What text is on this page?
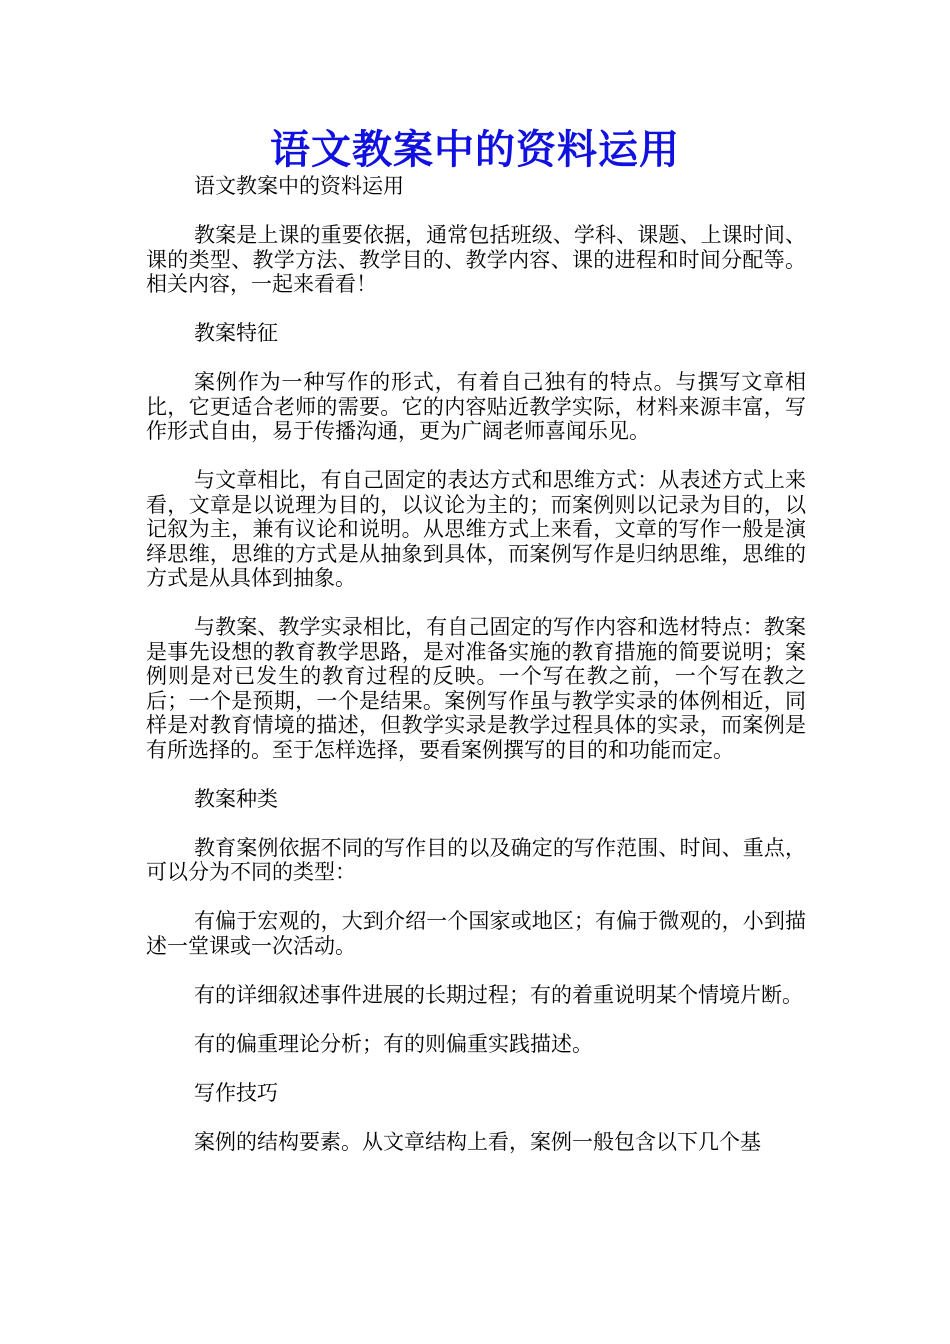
语文教案中的资料运用

语文教案中的资料运用

教案是上课的重要依据，通常包括班级、学科、课题、上课时间、课的类型、教学方法、教学目的、教学内容、课的进程和时间分配等。相关内容，一起来看看！

教案特征

案例作为一种写作的形式，有着自己独有的特点。与撰写文章相比，它更适合老师的需要。它的内容贴近教学实际，材料来源丰富，写作形式自由，易于传播沟通，更为广阔老师喜闻乐见。

与文章相比，有自己固定的表达方式和思维方式：从表述方式上来看，文章是以说理为目的，以议论为主的；而案例则以记录为目的，以记叙为主，兼有议论和说明。从思维方式上来看，文章的写作一般是演绎思维，思维的方式是从抽象到具体，而案例写作是归纳思维，思维的方式是从具体到抽象。

与教案、教学实录相比，有自己固定的写作内容和选材特点：教案是事先设想的教育教学思路，是对准备实施的教育措施的简要说明；案例则是对已发生的教育过程的反映。一个写在教之前，一个写在教之后；一个是预期，一个是结果。案例写作虽与教学实录的体例相近，同样是对教育情境的描述，但教学实录是教学过程具体的实录，而案例是有所选择的。至于怎样选择，要看案例撰写的目的和功能而定。

教案种类

教育案例依据不同的写作目的以及确定的写作范围、时间、重点，可以分为不同的类型：

有偏于宏观的，大到介绍一个国家或地区；有偏于微观的，小到描述一堂课或一次活动。

有的详细叙述事件进展的长期过程；有的着重说明某个情境片断。

有的偏重理论分析；有的则偏重实践描述。

写作技巧

案例的结构要素。从文章结构上看，案例一般包含以下几个基
